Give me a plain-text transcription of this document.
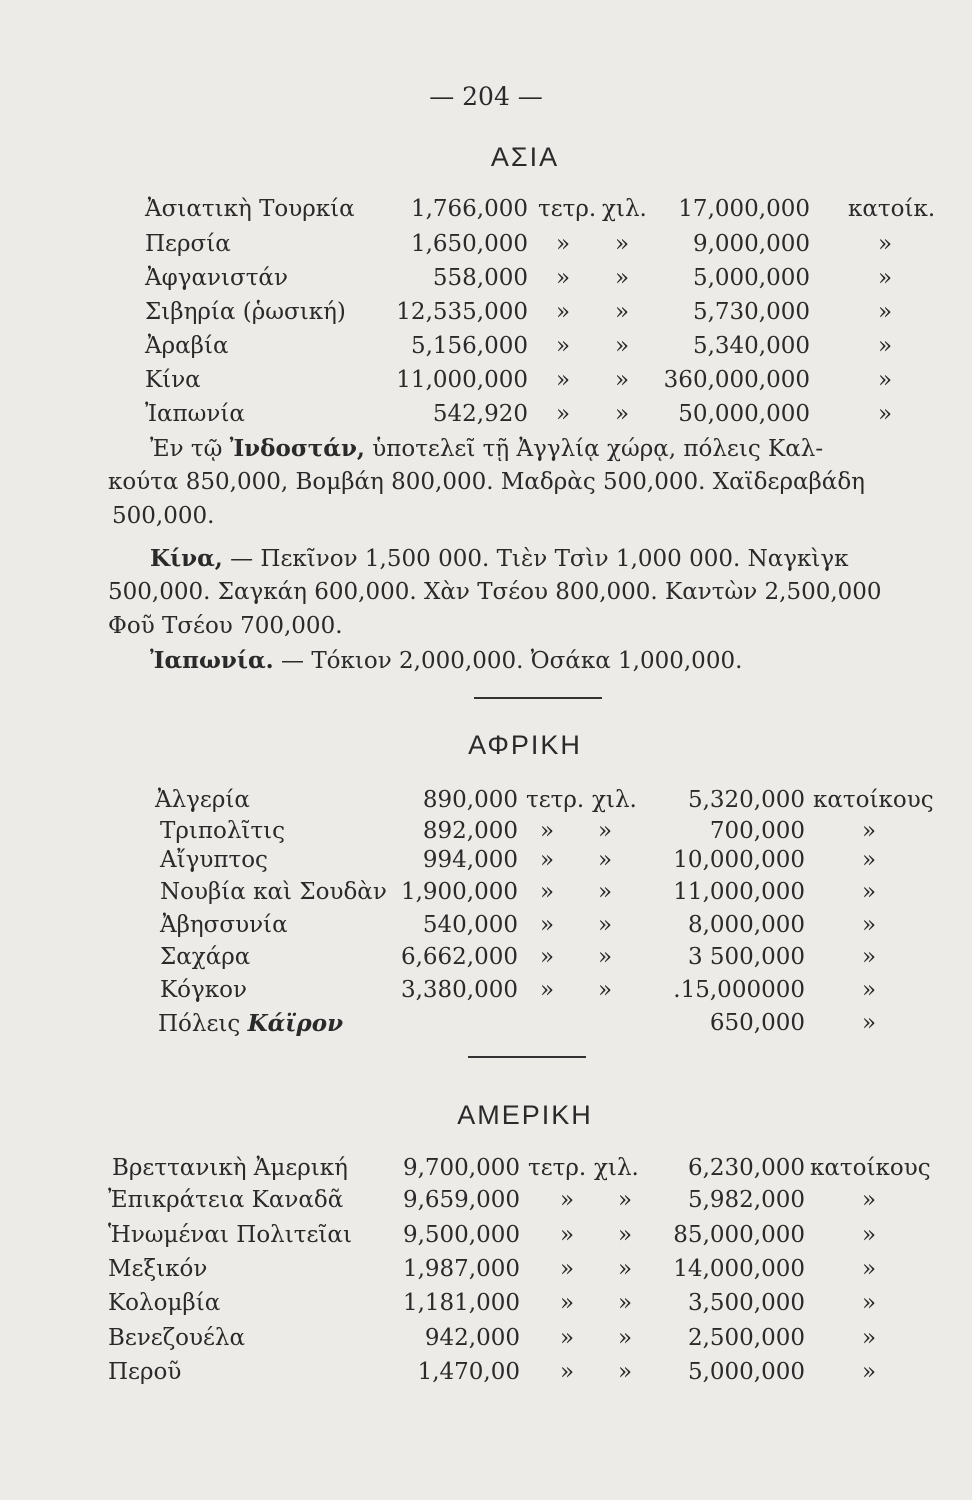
— 204 —
ΑΣΙΑ
Ἀσιατικὴ Τουρκία	1,766,000 τετρ. χιλ.	17,000,000 κατοίκ.
Περσία	1,650,000 » »	9,000,000	»
Ἀφγανιστάν	558,000 » »	5,000,000	»
Σιβηρία (ῥωσική)	12,535,000 » »	5,730,000	»
Ἀραβία	5,156,000 » »	5,340,000	»
Κίνα	11,000,000 » »	360,000,000	»
Ἰαπωνία	542,920 » »	50,000,000	»
Ἐν τῷ Ἰνδοστάν, ὑποτελεῖ τῇ Ἀγγλίᾳ χώρᾳ, πόλεις Καλ-
κούτα 850,000, Βομβάη 800,000. Μαδρὰς 500,000. Χαϊδεραβάδη
500,000.
Κίνα, — Πεκῖνον 1,500 000. Τιὲν Τσὶν 1,000 000. Ναγκὶγκ
500,000. Σαγκάη 600,000. Χὰν Τσέου 800,000. Καντὼν 2,500,000
Φοῦ Τσέου 700,000.
Ἰαπωνία. — Τόκιον 2,000,000. Ὀσάκα 1,000,000.
ΑΦΡΙΚΗ
Ἀλγερία	890,000 τετρ. χιλ.	5,320,000 κατοίκους
Τριπολῖτις	892,000 » »	700,000 »
Αἴγυπτος	994,000 » »	10,000,000 »
Νουβία καὶ Σουδὰν 1,900,000 » »	11,000,000 »
Ἀβησσυνία	540,000 » »	8,000,000 »
Σαχάρα	6,662,000 » »	3 500,000 »
Κόγκον	3,380,000 » »	.15,000000 »
Πόλεις Κάϊρον	650,000 »
ΑΜΕΡΙΚΗ
Βρεττανικὴ Ἀμερική	9,700,000 τετρ. χιλ.	6,230,000 κατοίκους
Ἐπικράτεια Καναδᾶ	9,659,000 » »	5,982,000 »
Ἡνωμέναι Πολιτεῖαι	9,500,000 » »	85,000,000 »
Μεξικόν	1,987,000 » »	14,000,000 »
Κολομβία	1,181,000 » »	3,500,000 »
Βενεζουέλα	942,000 » »	2,500,000 »
Περοῦ	1,470,00 » »	5,000,000 »
